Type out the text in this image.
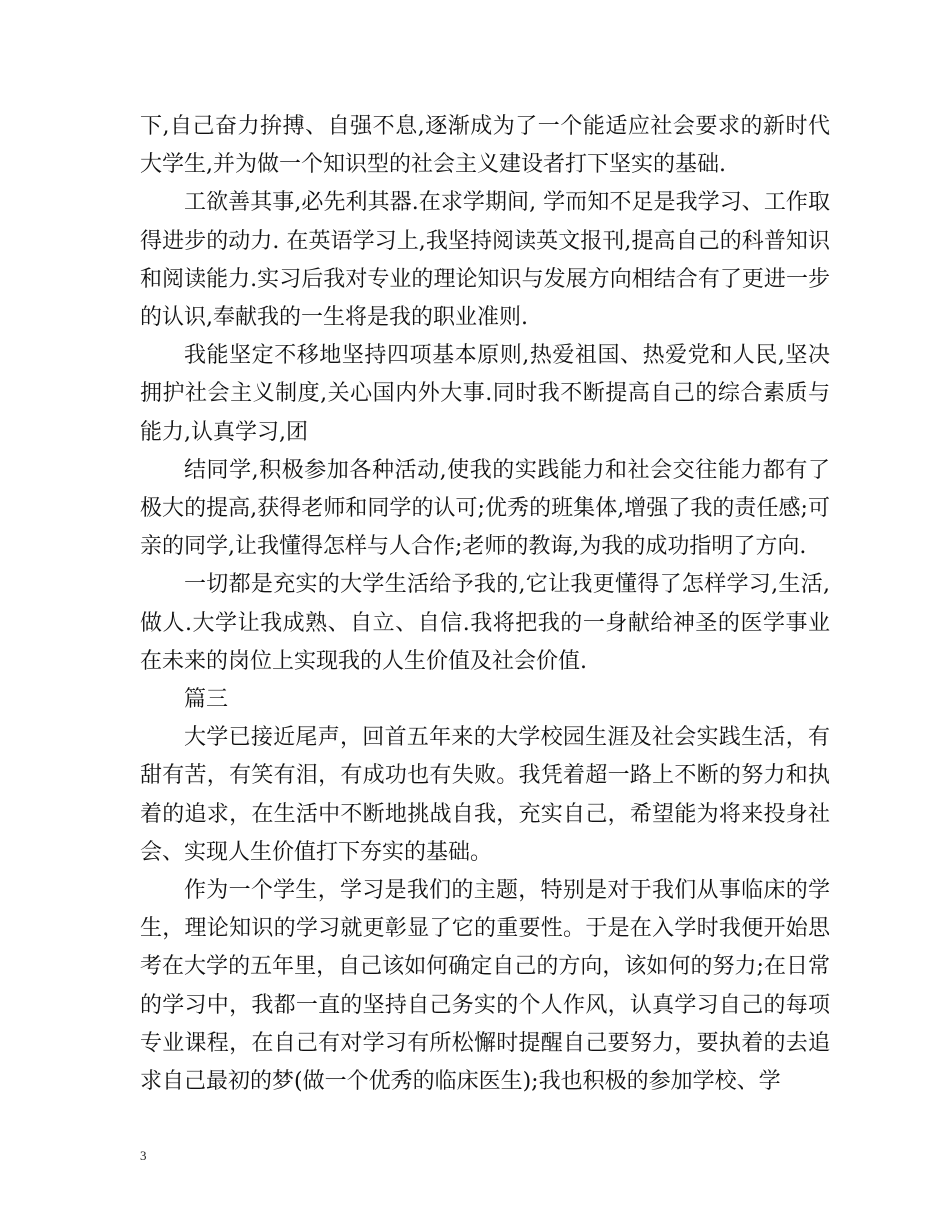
下,自己奋力拚搏、自强不息,逐渐成为了一个能适应社会要求的新时代大学生,并为做一个知识型的社会主义建设者打下坚实的基础.

工欲善其事,必先利其器.在求学期间, 学而知不足是我学习、工作取得进步的动力. 在英语学习上,我坚持阅读英文报刊,提高自己的科普知识和阅读能力.实习后我对专业的理论知识与发展方向相结合有了更进一步的认识,奉献我的一生将是我的职业准则.

我能坚定不移地坚持四项基本原则,热爱祖国、热爱党和人民,坚决拥护社会主义制度,关心国内外大事.同时我不断提高自己的综合素质与能力,认真学习,团

结同学,积极参加各种活动,使我的实践能力和社会交往能力都有了极大的提高,获得老师和同学的认可;优秀的班集体,增强了我的责任感;可亲的同学,让我懂得怎样与人合作;老师的教诲,为我的成功指明了方向.

一切都是充实的大学生活给予我的,它让我更懂得了怎样学习,生活,做人.大学让我成熟、自立、自信.我将把我的一身献给神圣的医学事业在未来的岗位上实现我的人生价值及社会价值.

篇三

大学已接近尾声，回首五年来的大学校园生涯及社会实践生活，有甜有苦，有笑有泪，有成功也有失败。我凭着超一路上不断的努力和执着的追求，在生活中不断地挑战自我，充实自己，希望能为将来投身社会、实现人生价值打下夯实的基础。

作为一个学生，学习是我们的主题，特别是对于我们从事临床的学生，理论知识的学习就更彰显了它的重要性。于是在入学时我便开始思考在大学的五年里，自己该如何确定自己的方向，该如何的努力;在日常的学习中，我都一直的坚持自己务实的个人作风，认真学习自己的每项专业课程，在自己有对学习有所松懈时提醒自己要努力，要执着的去追求自己最初的梦(做一个优秀的临床医生);我也积极的参加学校、学

3
